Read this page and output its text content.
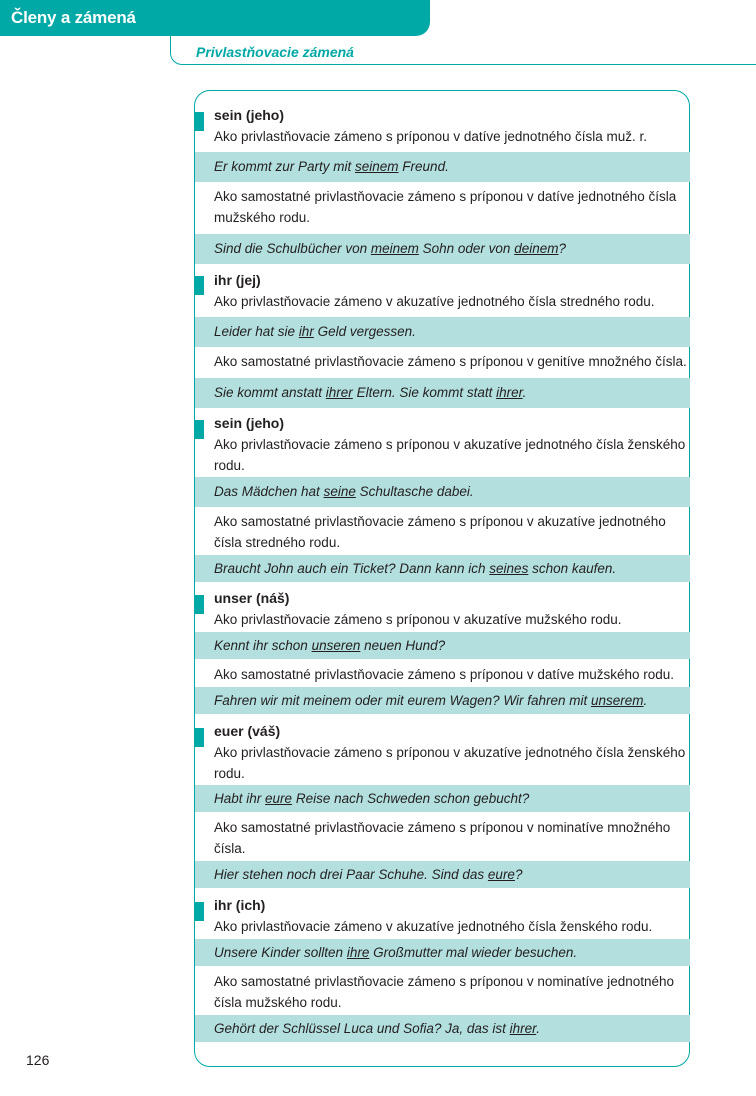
Členy a zámená
Privlastňovacie zámená
sein (jeho)
Ako privlastňovacie zámeno s príponou v datíve jednotného čísla muž. r.
Er kommt zur Party mit seinem Freund.
Ako samostatné privlastňovacie zámeno s príponou v datíve jednotného čísla mužského rodu.
Sind die Schulbücher von meinem Sohn oder von deinem?
ihr (jej)
Ako privlastňovacie zámeno v akuzatíve jednotného čísla stredného rodu.
Leider hat sie ihr Geld vergessen.
Ako samostatné privlastňovacie zámeno s príponou v genitíve množného čísla.
Sie kommt anstatt ihrer Eltern. Sie kommt statt ihrer.
sein (jeho)
Ako privlastňovacie zámeno s príponou v akuzatíve jednotného čísla ženského rodu.
Das Mädchen hat seine Schultasche dabei.
Ako samostatné privlastňovacie zámeno s príponou v akuzatíve jednotného čísla stredného rodu.
Braucht John auch ein Ticket? Dann kann ich seines schon kaufen.
unser (náš)
Ako privlastňovacie zámeno s príponou v akuzatíve mužského rodu.
Kennt ihr schon unseren neuen Hund?
Ako samostatné privlastňovacie zámeno s príponou v datíve mužského rodu.
Fahren wir mit meinem oder mit eurem Wagen? Wir fahren mit unserem.
euer (váš)
Ako privlastňovacie zámeno s príponou v akuzatíve jednotného čísla ženského rodu.
Habt ihr eure Reise nach Schweden schon gebucht?
Ako samostatné privlastňovacie zámeno s príponou v nominatíve množného čísla.
Hier stehen noch drei Paar Schuhe. Sind das eure?
ihr (ich)
Ako privlastňovacie zámeno v akuzatíve jednotného čísla ženského rodu.
Unsere Kinder sollten ihre Großmutter mal wieder besuchen.
Ako samostatné privlastňovacie zámeno s príponou v nominatíve jednotného čísla mužského rodu.
Gehört der Schlüssel Luca und Sofia? Ja, das ist ihrer.
126
